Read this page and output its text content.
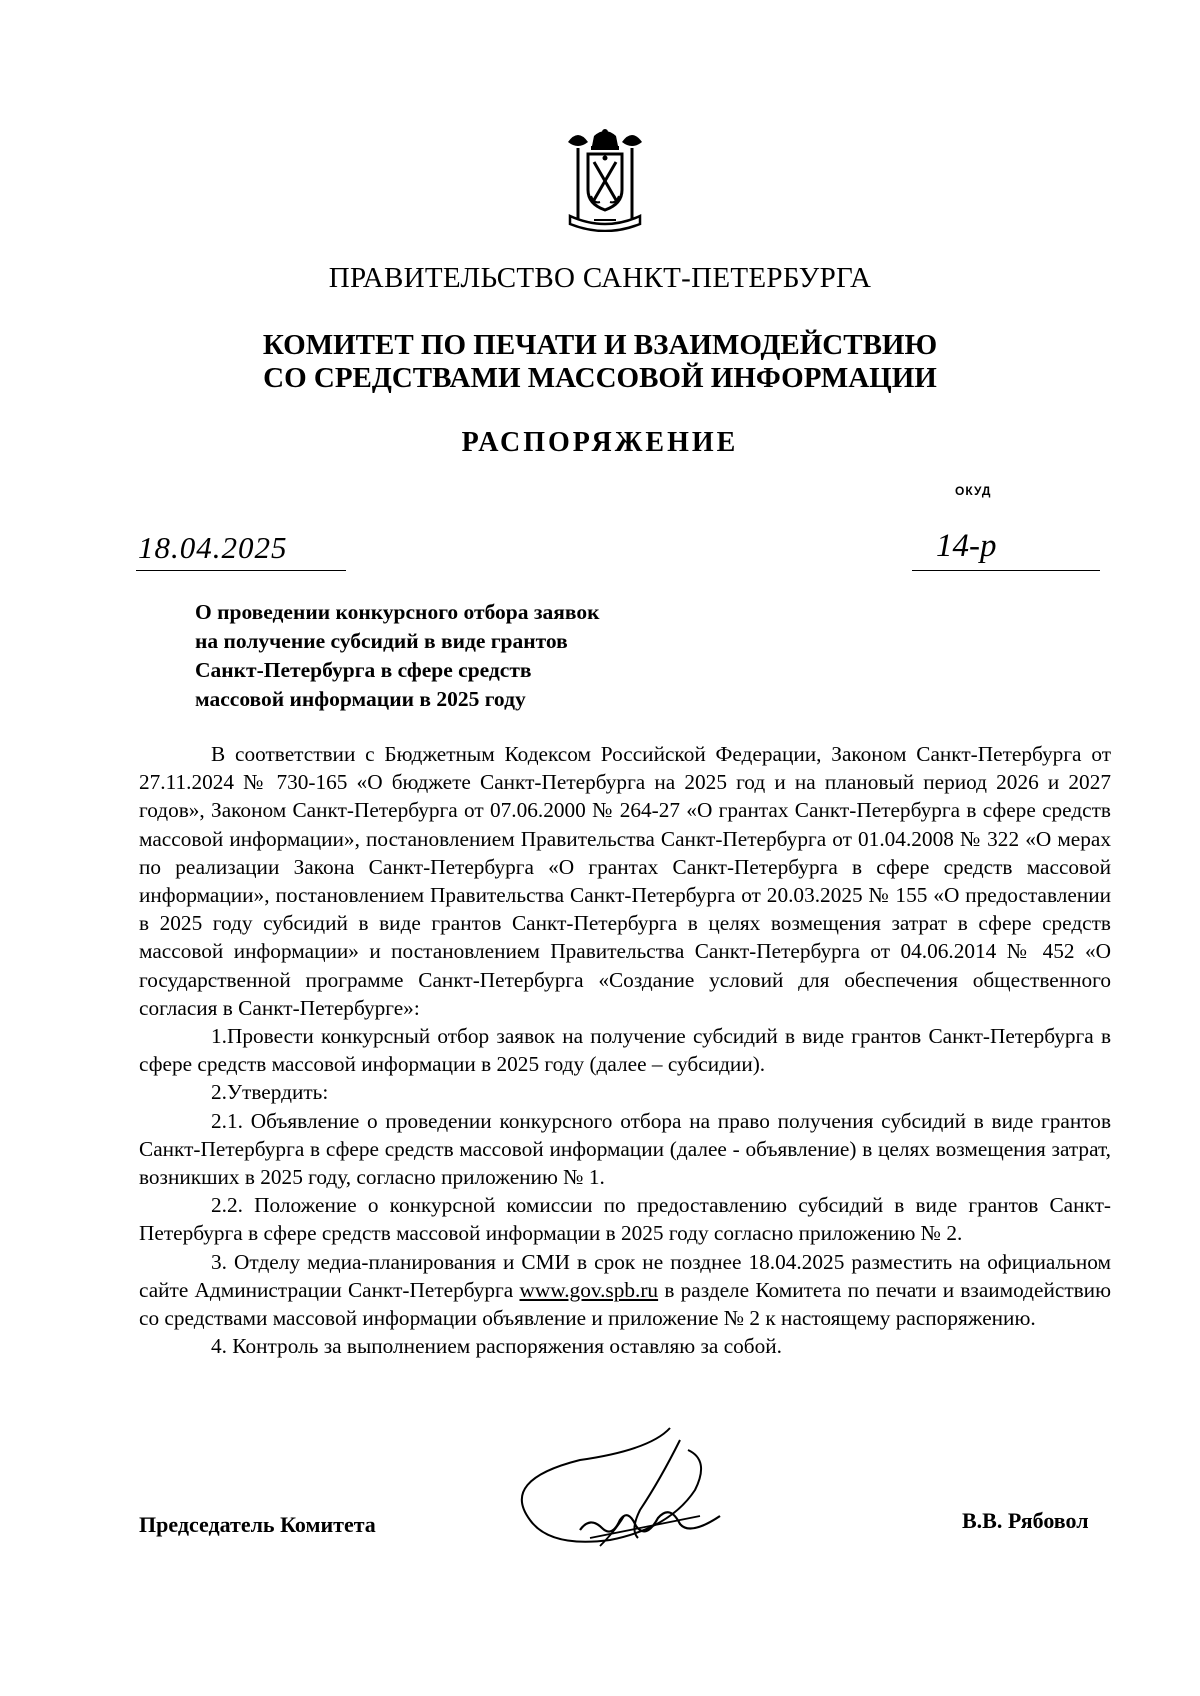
ПРАВИТЕЛЬСТВО САНКТ-ПЕТЕРБУРГА
КОМИТЕТ ПО ПЕЧАТИ И ВЗАИМОДЕЙСТВИЮ
СО СРЕДСТВАМИ МАССОВОЙ ИНФОРМАЦИИ
РАСПОРЯЖЕНИЕ
ОКУД
18.04.2025	14-р
О проведении конкурсного отбора заявок
на получение субсидий в виде грантов
Санкт-Петербурга в сфере средств
массовой информации в 2025 году

В соответствии с Бюджетным Кодексом Российской Федерации, Законом Санкт-Петербурга от 27.11.2024 № 730-165 «О бюджете Санкт-Петербурга на 2025 год и на плановый период 2026 и 2027 годов», Законом Санкт-Петербурга от 07.06.2000 № 264-27 «О грантах Санкт-Петербурга в сфере средств массовой информации», постановлением Правительства Санкт-Петербурга от 01.04.2008 № 322 «О мерах по реализации Закона Санкт-Петербурга «О грантах Санкт-Петербурга в сфере средств массовой информации», постановлением Правительства Санкт-Петербурга от 20.03.2025 № 155 «О предоставлении в 2025 году субсидий в виде грантов Санкт-Петербурга в целях возмещения затрат в сфере средств массовой информации» и постановлением Правительства Санкт-Петербурга от 04.06.2014 № 452 «О государственной программе Санкт-Петербурга «Создание условий для обеспечения общественного согласия в Санкт-Петербурге»:

1.Провести конкурсный отбор заявок на получение субсидий в виде грантов Санкт-Петербурга в сфере средств массовой информации в 2025 году (далее – субсидии).

2.Утвердить:

2.1. Объявление о проведении конкурсного отбора на право получения субсидий в виде грантов Санкт-Петербурга в сфере средств массовой информации (далее - объявление) в целях возмещения затрат, возникших в 2025 году, согласно приложению № 1.

2.2. Положение о конкурсной комиссии по предоставлению субсидий в виде грантов Санкт-Петербурга в сфере средств массовой информации в 2025 году согласно приложению № 2.

3. Отделу медиа-планирования и СМИ в срок не позднее 18.04.2025 разместить на официальном сайте Администрации Санкт-Петербурга www.gov.spb.ru в разделе Комитета по печати и взаимодействию со средствами массовой информации объявление и приложение № 2 к настоящему распоряжению.

4. Контроль за выполнением распоряжения оставляю за собой.

Председатель Комитета	В.В. Рябовол
